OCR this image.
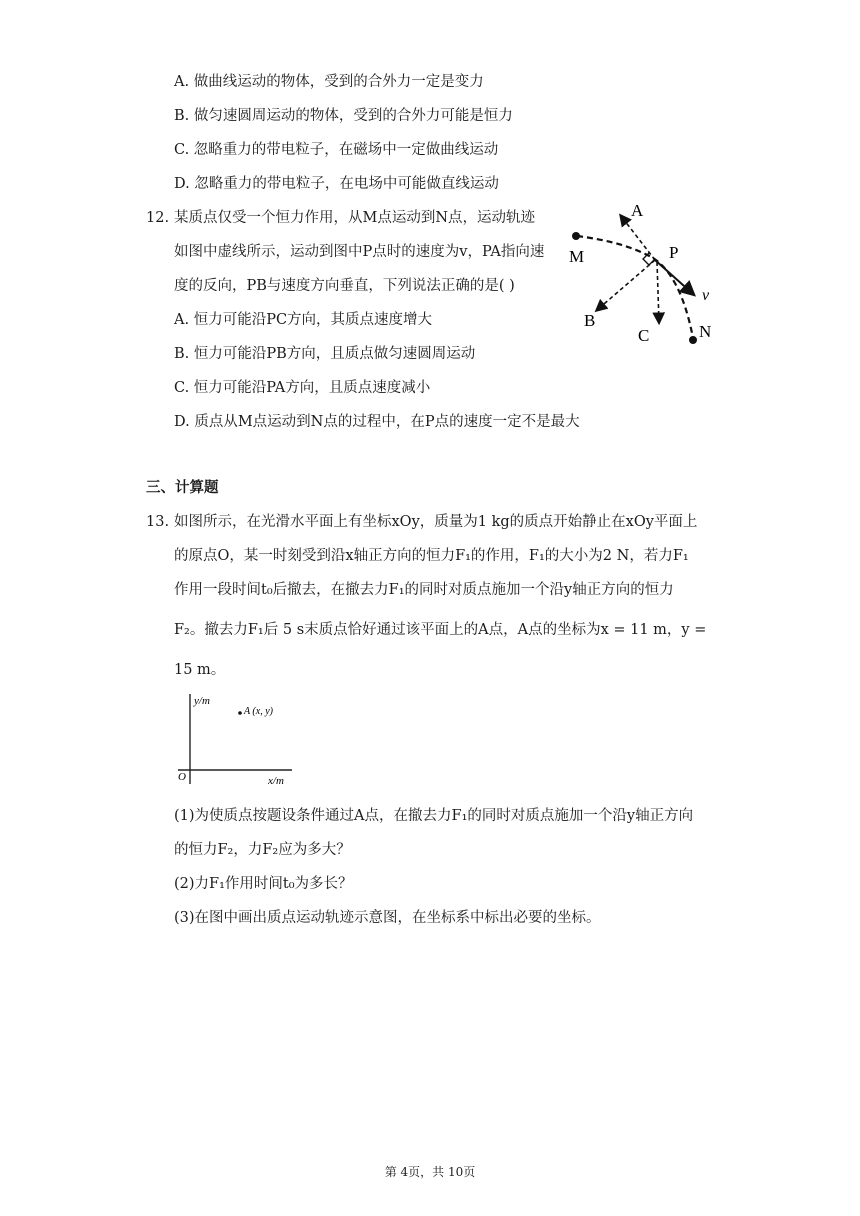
A. 做曲线运动的物体，受到的合外力一定是变力
B. 做匀速圆周运动的物体，受到的合外力可能是恒力
C. 忽略重力的带电粒子，在磁场中一定做曲线运动
D. 忽略重力的带电粒子，在电场中可能做直线运动
12. 某质点仅受一个恒力作用，从M点运动到N点，运动轨迹
如图中虚线所示，运动到图中P点时的速度为v，PA指向速
度的反向，PB与速度方向垂直，下列说法正确的是( )
A. 恒力可能沿PC方向，其质点速度增大
B. 恒力可能沿PB方向，且质点做匀速圆周运动
C. 恒力可能沿PA方向，且质点速度减小
D. 质点从M点运动到N点的过程中，在P点的速度一定不是最大
A
M	P
v
B
C	N
三、计算题
13. 如图所示，在光滑水平面上有坐标xOy，质量为1 kg的质点开始静止在xOy平面上
的原点O，某一时刻受到沿x轴正方向的恒力F₁的作用，F₁的大小为2 N，若力F₁
作用一段时间t₀后撤去，在撤去力F₁的同时对质点施加一个沿y轴正方向的恒力
F₂。撤去力F₁后 5 s末质点恰好通过该平面上的A点，A点的坐标为x = 11 m，y =
15 m。
y/m
x/m
O
A (x, y)
(1)为使质点按题设条件通过A点，在撤去力F₁的同时对质点施加一个沿y轴正方向
的恒力F₂，力F₂应为多大？
(2)力F₁作用时间t₀为多长？
(3)在图中画出质点运动轨迹示意图，在坐标系中标出必要的坐标。
第 4页，共 10页
